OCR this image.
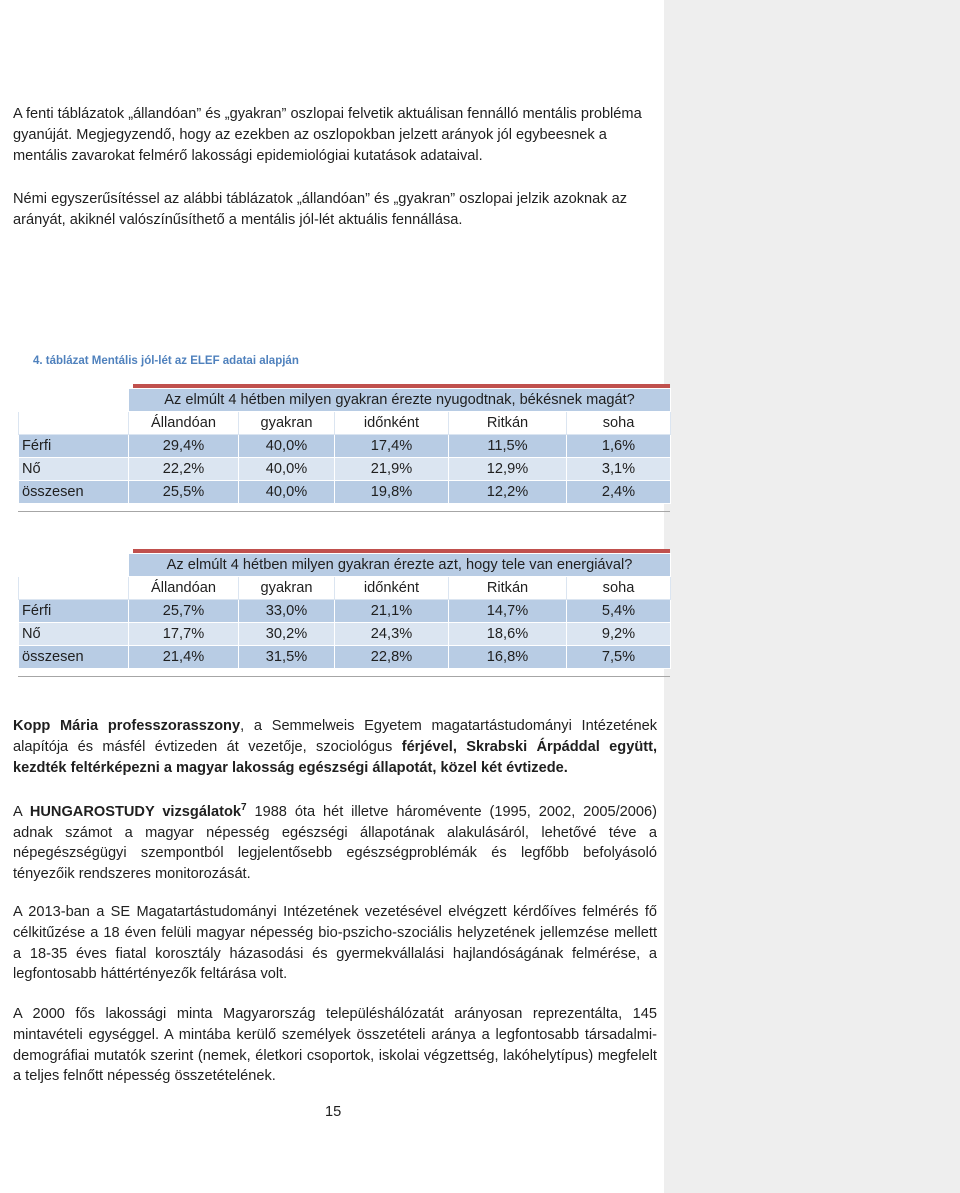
A fenti táblázatok „állandóan” és „gyakran” oszlopai felvetik aktuálisan fennálló mentális probléma gyanúját. Megjegyzendő, hogy az ezekben az oszlopokban jelzett arányok jól egybeesnek a mentális zavarokat felmérő lakossági epidemiológiai kutatások adataival.

Némi egyszerűsítéssel az alábbi táblázatok „állandóan” és „gyakran” oszlopai jelzik azoknak az arányát, akiknél valószínűsíthető a mentális jól-lét aktuális fennállása.

4. táblázat Mentális jól-lét az ELEF adatai alapján

	Az elmúlt 4 hétben milyen gyakran érezte nyugodtnak, békésnek magát?				
	Állandóan	gyakran	időnként	Ritkán	soha
Férfi	29,4%	40,0%	17,4%	11,5%	1,6%
Nő	22,2%	40,0%	21,9%	12,9%	3,1%
összesen	25,5%	40,0%	19,8%	12,2%	2,4%
	Az elmúlt 4 hétben milyen gyakran érezte azt, hogy tele van energiával?				
	Állandóan	gyakran	időnként	Ritkán	soha
Férfi	25,7%	33,0%	21,1%	14,7%	5,4%
Nő	17,7%	30,2%	24,3%	18,6%	9,2%
összesen	21,4%	31,5%	22,8%	16,8%	7,5%

Kopp Mária professzorasszony, a Semmelweis Egyetem magatartástudományi Intézetének alapítója és másfél évtizeden át vezetője, szociológus férjével, Skrabski Árpáddal együtt, kezdték feltérképezni a magyar lakosság egészségi állapotát, közel két évtizede.

A HUNGAROSTUDY vizsgálatok$^7$ 1988 óta hét illetve háromévente (1995, 2002, 2005/2006) adnak számot a magyar népesség egészségi állapotának alakulásáról, lehetővé téve a népegészségügyi szempontból legjelentősebb egészségproblémák és legfőbb befolyásoló tényezőik rendszeres monitorozását.

A 2013-ban a SE Magatartástudományi Intézetének vezetésével elvégzett kérdőíves felmérés fő célkitűzése a 18 éven felüli magyar népesség bio-pszicho-szociális helyzetének jellemzése mellett a 18-35 éves fiatal korosztály házasodási és gyermekvállalási hajlandóságának felmérése, a legfontosabb háttértényezők feltárása volt.

A 2000 fős lakossági minta Magyarország településhálózatát arányosan reprezentálta, 145 mintavételi egységgel. A mintába kerülő személyek összetételi aránya a legfontosabb társadalmi-demográfiai mutatók szerint (nemek, életkori csoportok, iskolai végzettség, lakóhelytípus) megfelelt a teljes felnőtt népesség összetételének.

15
